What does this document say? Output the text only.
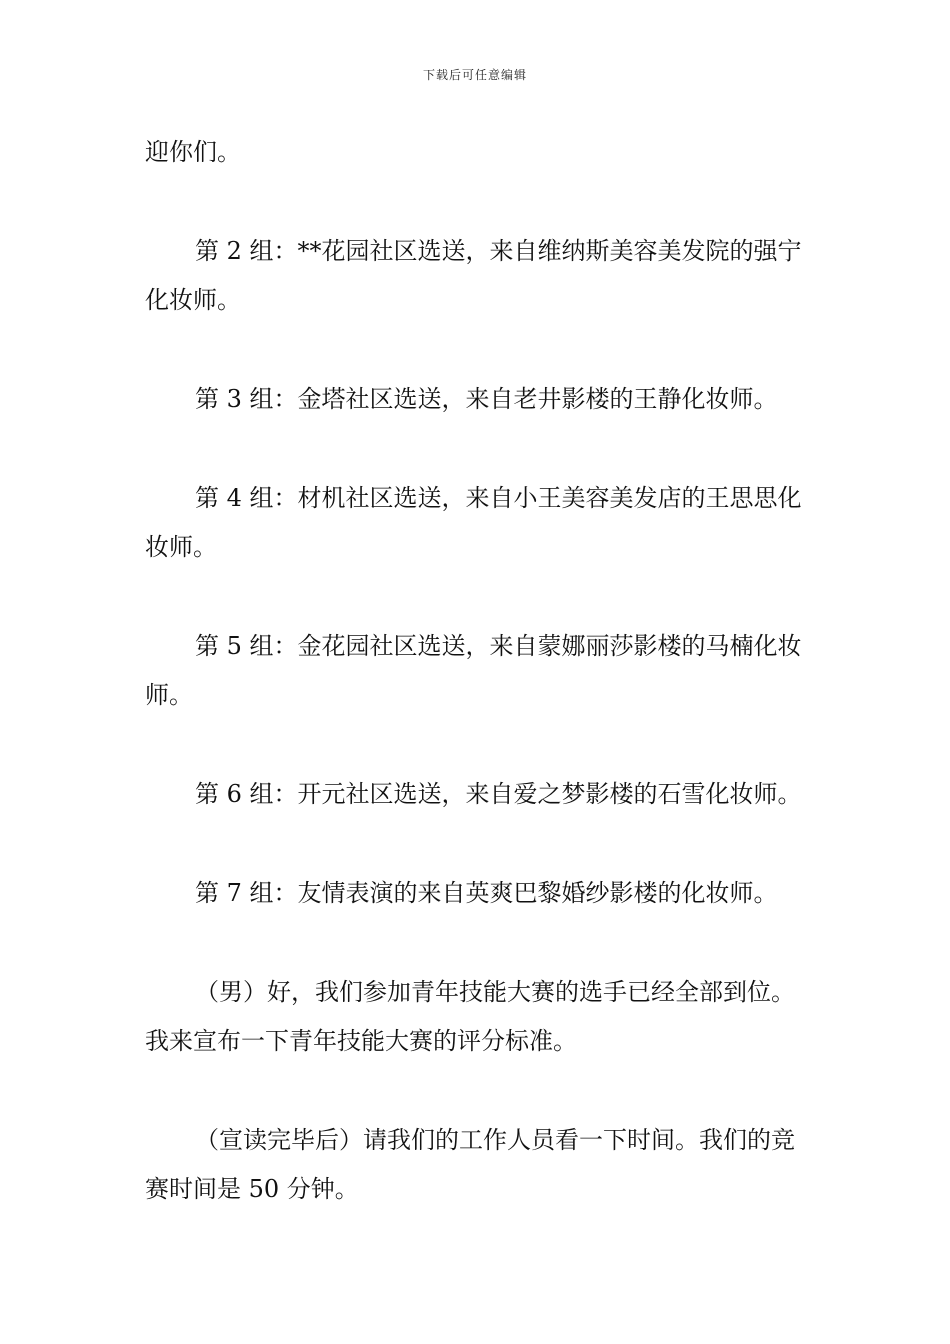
下载后可任意编辑

迎你们。

第 2 组：**花园社区选送，来自维纳斯美容美发院的强宁化妆师。

第 3 组：金塔社区选送，来自老井影楼的王静化妆师。

第 4 组：材机社区选送，来自小王美容美发店的王思思化妆师。

第 5 组：金花园社区选送，来自蒙娜丽莎影楼的马楠化妆师。

第 6 组：开元社区选送，来自爱之梦影楼的石雪化妆师。

第 7 组：友情表演的来自英爽巴黎婚纱影楼的化妆师。

（男）好，我们参加青年技能大赛的选手已经全部到位。我来宣布一下青年技能大赛的评分标准。

（宣读完毕后）请我们的工作人员看一下时间。我们的竞赛时间是 50 分钟。
